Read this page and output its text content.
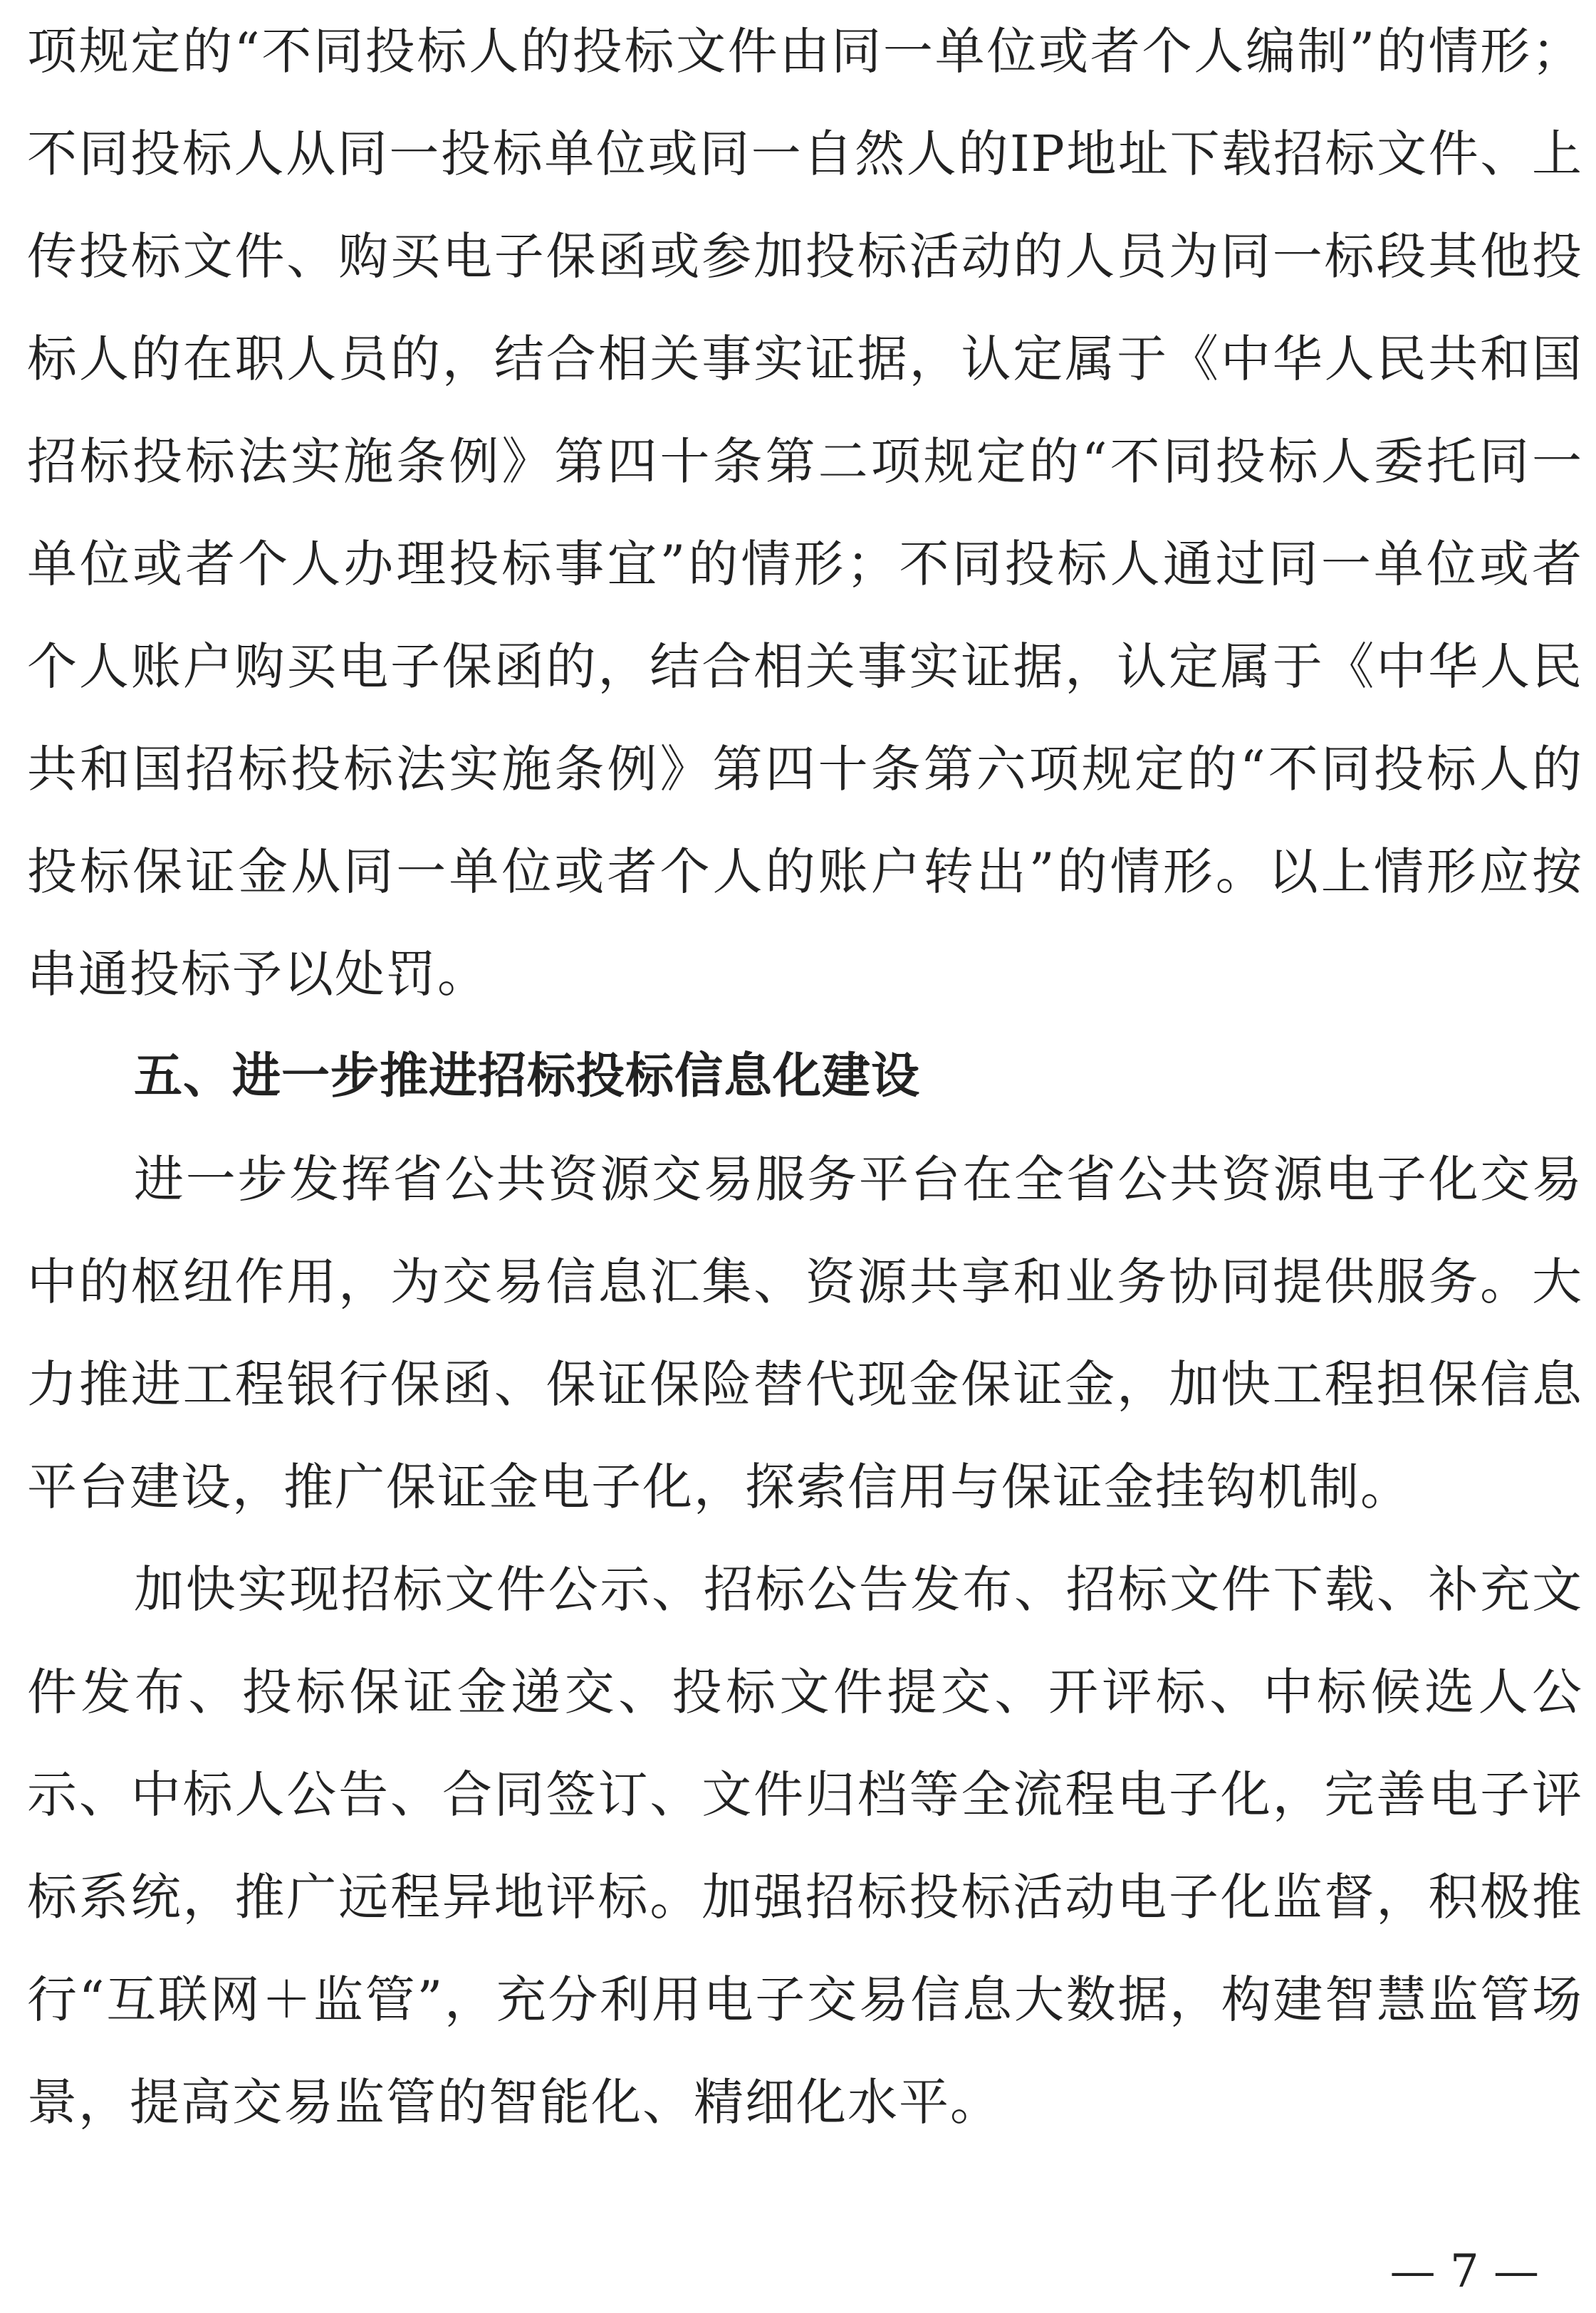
项规定的“不同投标人的投标文件由同一单位或者个人编制”的情形；不同投标人从同一投标单位或同一自然人的IP地址下载招标文件、上传投标文件、购买电子保函或参加投标活动的人员为同一标段其他投标人的在职人员的，结合相关事实证据，认定属于《中华人民共和国招标投标法实施条例》第四十条第二项规定的“不同投标人委托同一单位或者个人办理投标事宜”的情形；不同投标人通过同一单位或者个人账户购买电子保函的，结合相关事实证据，认定属于《中华人民共和国招标投标法实施条例》第四十条第六项规定的“不同投标人的投标保证金从同一单位或者个人的账户转出”的情形。以上情形应按串通投标予以处罚。

五、进一步推进招标投标信息化建设

进一步发挥省公共资源交易服务平台在全省公共资源电子化交易中的枢纽作用，为交易信息汇集、资源共享和业务协同提供服务。大力推进工程银行保函、保证保险替代现金保证金，加快工程担保信息平台建设，推广保证金电子化，探索信用与保证金挂钩机制。

加快实现招标文件公示、招标公告发布、招标文件下载、补充文件发布、投标保证金递交、投标文件提交、开评标、中标候选人公示、中标人公告、合同签订、文件归档等全流程电子化，完善电子评标系统，推广远程异地评标。加强招标投标活动电子化监督，积极推行“互联网＋监管”，充分利用电子交易信息大数据，构建智慧监管场景，提高交易监管的智能化、精细化水平。

— 7 —
